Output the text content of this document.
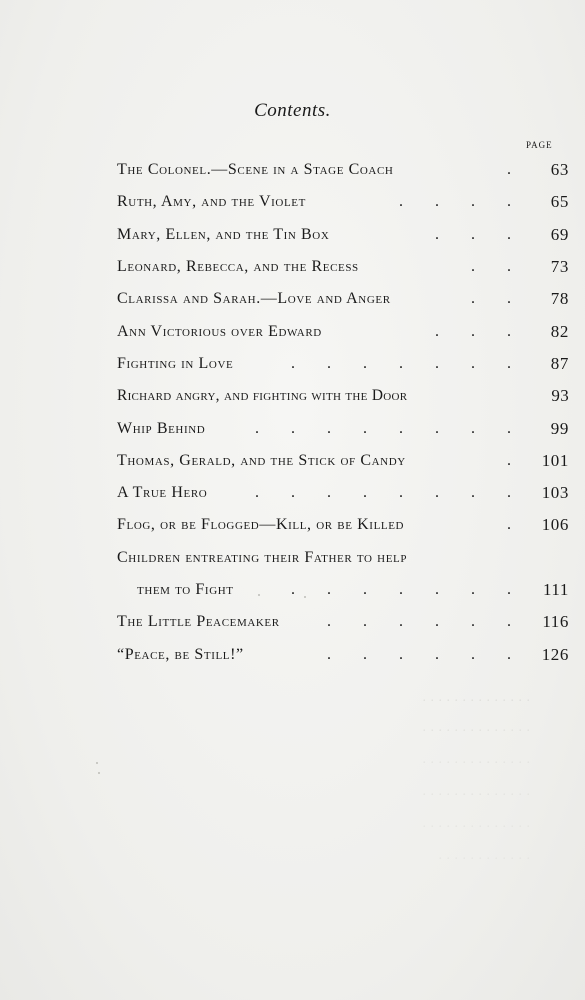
. . . . . . . . . . . . . .
. . . . . . . . . . . . . .
. . . . . . . . . . . . . .
. . . . . . . . . . . . . .
. . . . . . . . . . . . . .
. . . . . . . . . . . .
Contents.
PAGE
The Colonel.—Scene in a Stage Coach	.	63
Ruth, Amy, and the Violet	. . . .	65
Mary, Ellen, and the Tin Box	. . .	69
Leonard, Rebecca, and the Recess	. .	73
Clarissa and Sarah.—Love and Anger	. .	78
Ann Victorious over Edward	. . .	82
Fighting in Love	. . . . . . .	87
Richard angry, and fighting with the Door	93
Whip Behind	. . . . . . . .	99
Thomas, Gerald, and the Stick of Candy	. 101
A True Hero	. . . . . . . . 103
Flog, or be Flogged—Kill, or be Killed	. 106
Children entreating their Father to help
them to Fight	. . . . . . .	111
The Little Peacemaker	. . . . . .	116
“Peace, be Still!”	. . . . . . 126
